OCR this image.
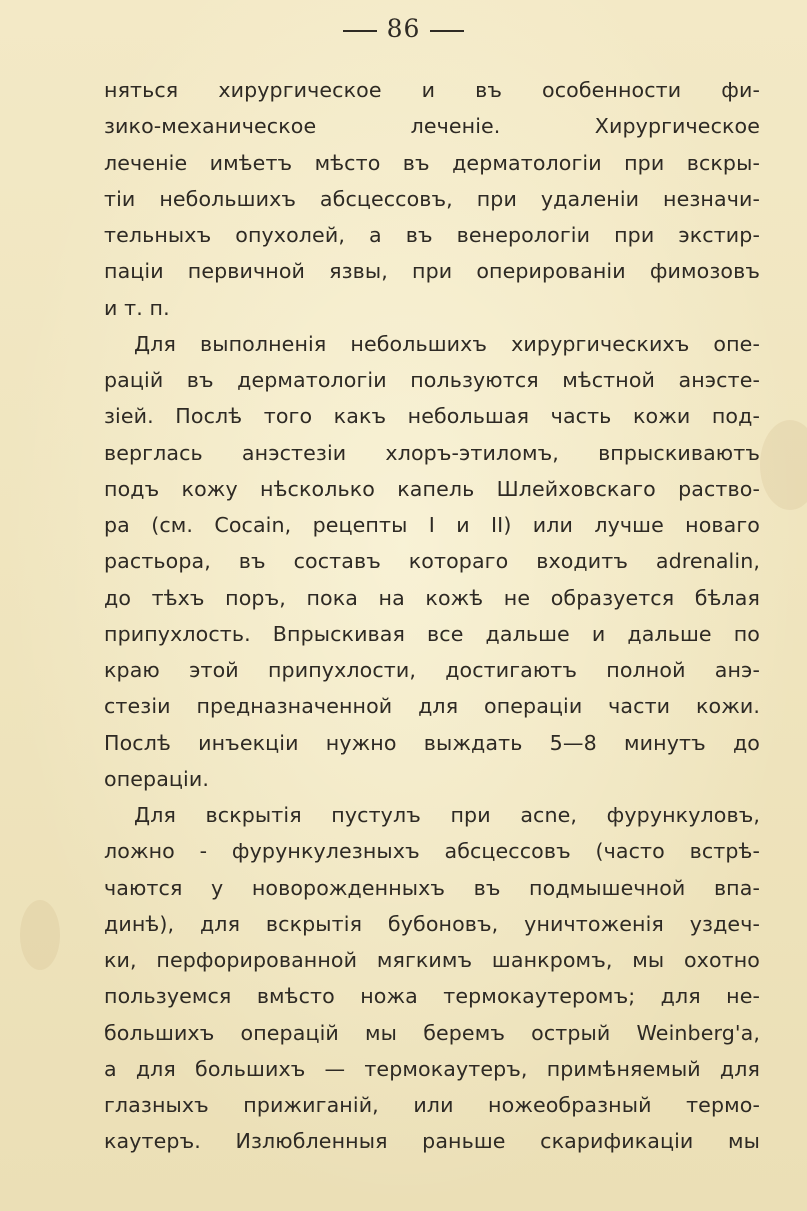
86
няться хирургическое и въ особенности фи-
зико-механическое леченіе. Хирургическое
леченіе имѣетъ мѣсто въ дерматологіи при вскры-
тіи небольшихъ абсцессовъ, при удаленіи незначи-
тельныхъ опухолей, а въ венерологіи при экстир-
паціи первичной язвы, при оперированіи фимозовъ
и т. п.
Для выполненія небольшихъ хирургическихъ опе-
рацій въ дерматологіи пользуются мѣстной анэсте-
зіей. Послѣ того какъ небольшая часть кожи под-
верглась анэстезіи хлоръ-этиломъ, впрыскиваютъ
подъ кожу нѣсколько капель Шлейховскаго раство-
ра (см. Cocain, рецепты I и II) или лучше новаго
растьора, въ составъ котораго входитъ adrenalin,
до тѣхъ поръ, пока на кожѣ не образуется бѣлая
припухлость. Впрыскивая все дальше и дальше по
краю этой припухлости, достигаютъ полной анэ-
стезіи предназначенной для операціи части кожи.
Послѣ инъекціи нужно выждать 5—8 минутъ до
операціи.
Для вскрытія пустулъ при acne, фурункуловъ,
ложно - фурункулезныхъ абсцессовъ (часто встрѣ-
чаются у новорожденныхъ въ подмышечной впа-
динѣ), для вскрытія бубоновъ, уничтоженія уздеч-
ки, перфорированной мягкимъ шанкромъ, мы охотно
пользуемся вмѣсто ножа термокаутеромъ; для не-
большихъ операцій мы беремъ острый Weinberg'a,
а для большихъ — термокаутеръ, примѣняемый для
глазныхъ прижиганій, или ножеобразный термо-
каутеръ. Излюбленныя раньше скарификаціи мы
